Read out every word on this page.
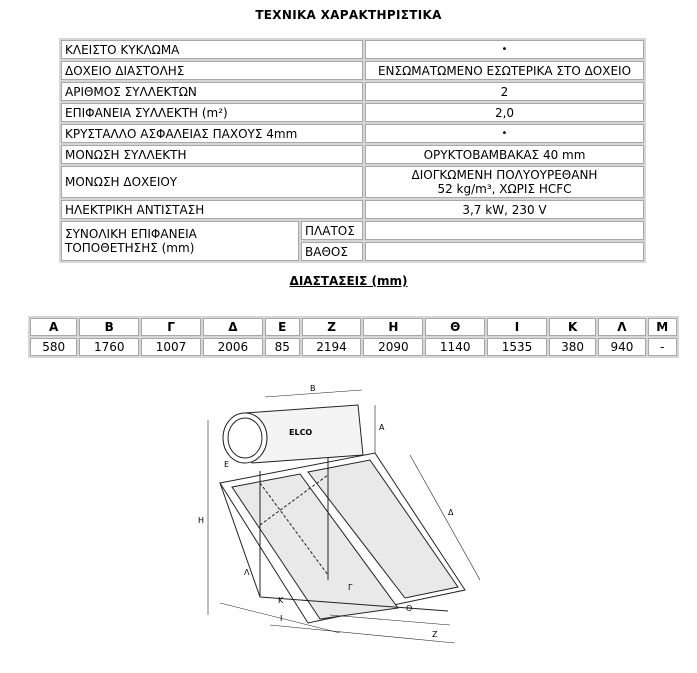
ΤΕΧΝΙΚΑ ΧΑΡΑΚΤΗΡΙΣΤΙΚΑ
ΚΛΕΙΣΤΟ ΚΥΚΛΩΜΑ		•
ΔΟΧΕΙΟ ΔΙΑΣΤΟΛΗΣ		ΕΝΣΩΜΑΤΩΜΕΝΟ ΕΣΩΤΕΡΙΚΑ ΣΤΟ ΔΟΧΕΙΟ
ΑΡΙΘΜΟΣ ΣΥΛΛΕΚΤΩΝ		2
ΕΠΙΦΑΝΕΙΑ ΣΥΛΛΕΚΤΗ (m²)		2,0
ΚΡΥΣΤΑΛΛΟ ΑΣΦΑΛΕΙΑΣ ΠΑΧΟΥΣ 4mm		•
ΜΟΝΩΣΗ ΣΥΛΛΕΚΤΗ		ΟΡΥΚΤΟΒΑΜΒΑΚΑΣ 40 mm
ΜΟΝΩΣΗ ΔΟΧΕΙΟΥ		ΔΙΟΓΚΩΜΕΝΗ ΠΟΛΥΟΥΡΕΘΑΝΗ
52 kg/m³, ΧΩΡΙΣ HCFC

ΗΛΕΚΤΡΙΚΗ ΑΝΤΙΣΤΑΣΗ		3,7 kW, 230 V

ΣΥΝΟΛΙΚΗ ΕΠΙΦΑΝΕΙΑ
ΤΟΠΟΘΕΤΗΣΗΣ (mm)	ΠΛΑΤΟΣ	
	ΒΑΘΟΣ	
ΔΙΑΣΤΑΣΕΙΣ (mm)
Α	Β	Γ	Δ	Ε	Ζ	Η	Θ	Ι	Κ	Λ	Μ
580	1760	1007	2006	85	2194	2090	1140	1535	380	940	-
ELCO
Β
Α
Δ
Ε
Η
Λ
Γ
Κ
Ι
Θ
Ζ
